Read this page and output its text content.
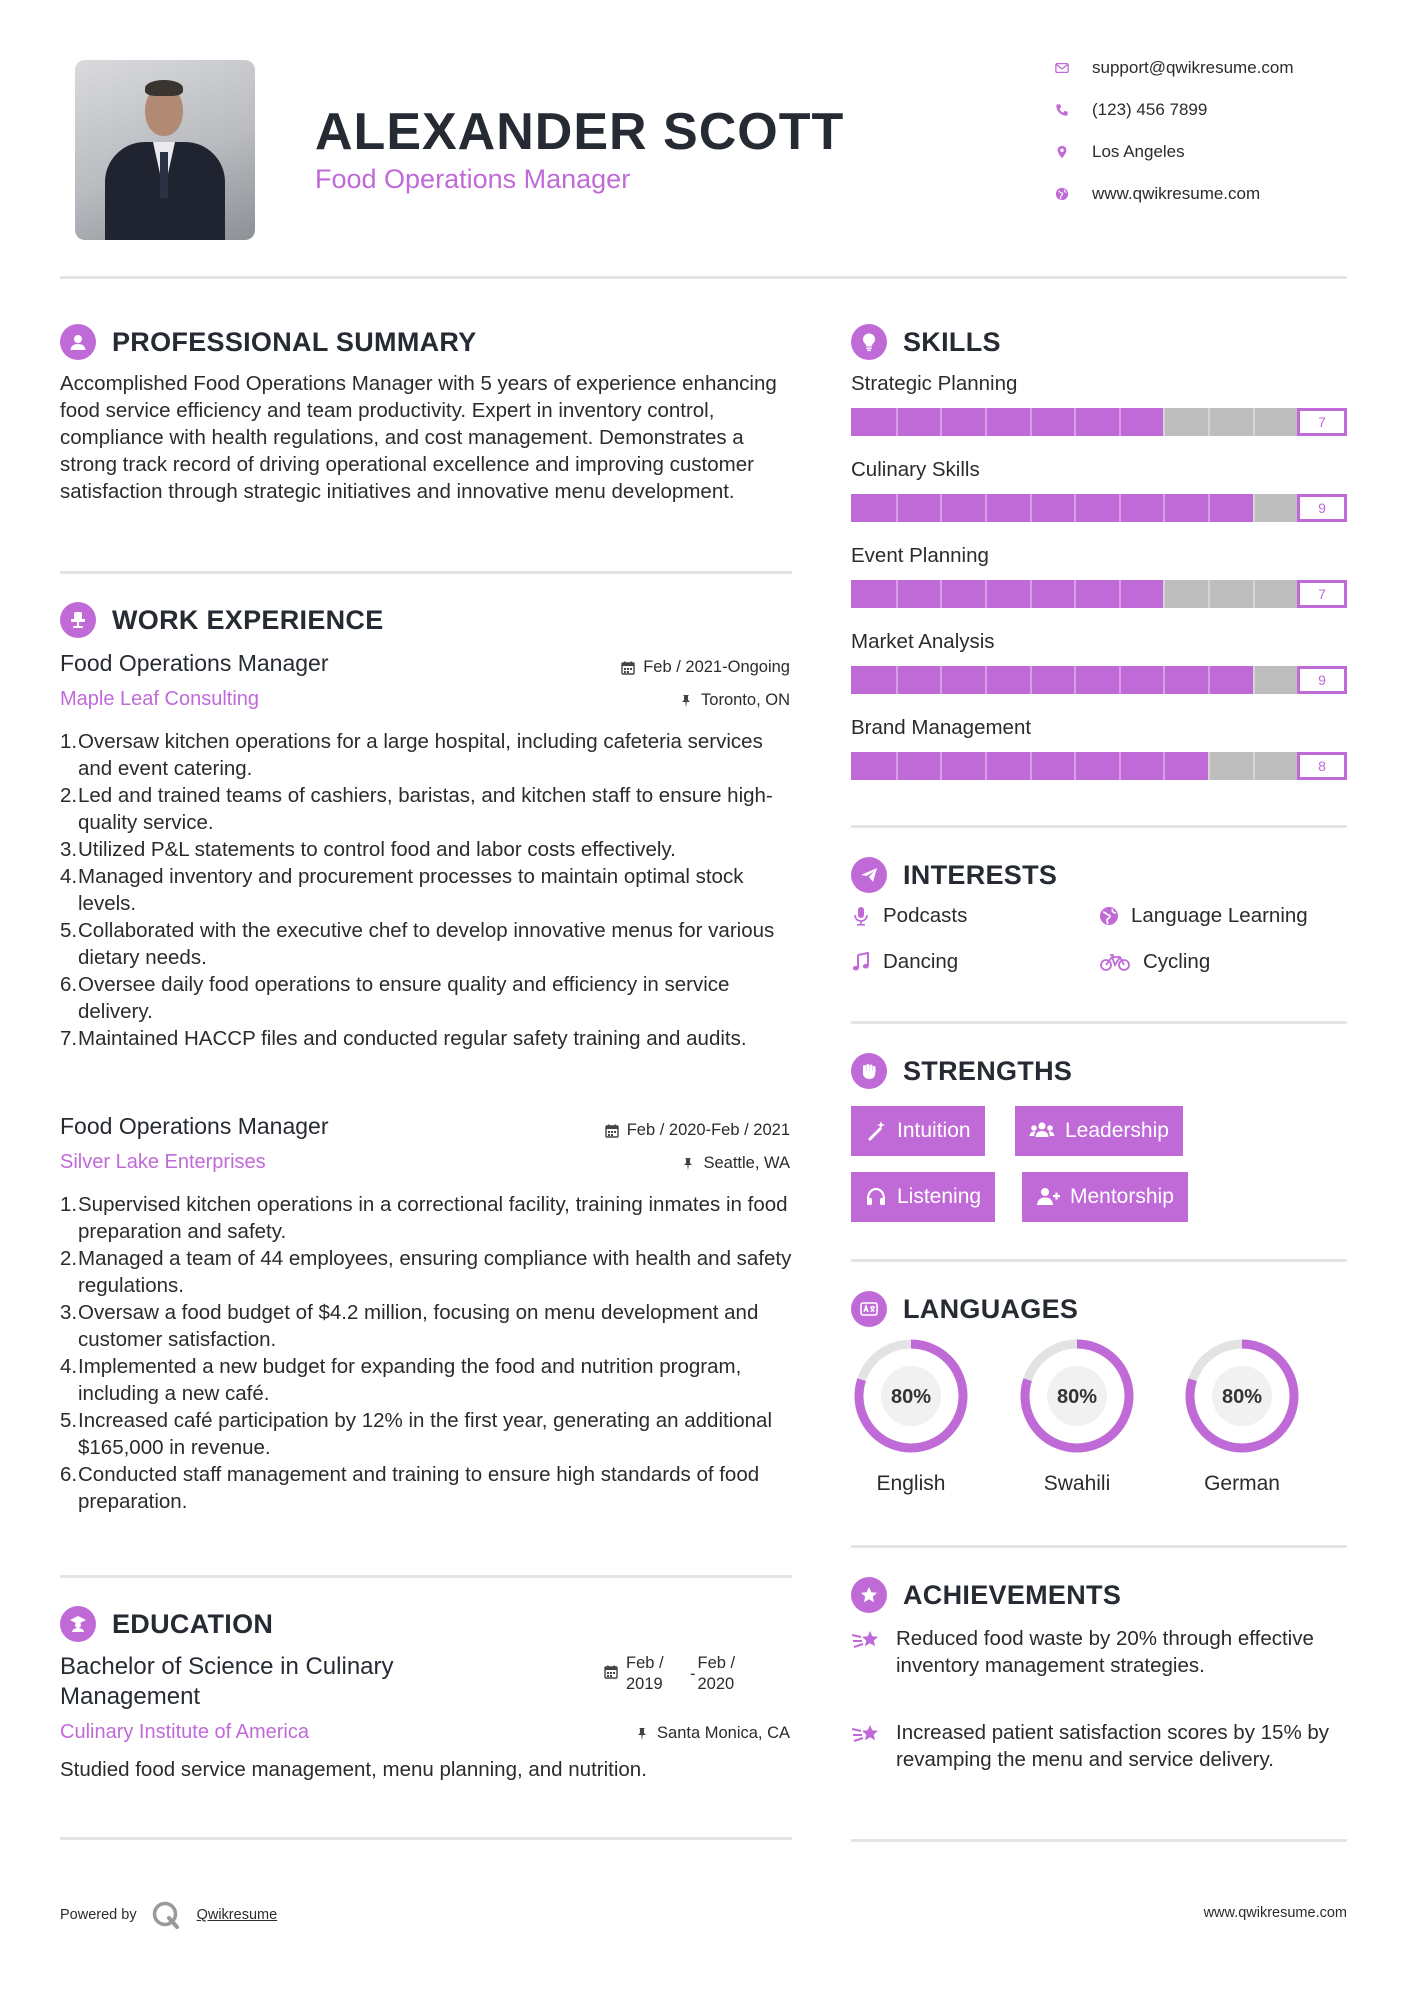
ALEXANDER SCOTT
Food Operations Manager
support@qwikresume.com
(123) 456 7899
Los Angeles
www.qwikresume.com
PROFESSIONAL SUMMARY
Accomplished Food Operations Manager with 5 years of experience enhancing food service efficiency and team productivity. Expert in inventory control, compliance with health regulations, and cost management. Demonstrates a strong track record of driving operational excellence and improving customer satisfaction through strategic initiatives and innovative menu development.
WORK EXPERIENCE
Food Operations Manager	Feb / 2021-Ongoing
Maple Leaf Consulting	Toronto, ON
1. Oversaw kitchen operations for a large hospital, including cafeteria services and event catering.
2. Led and trained teams of cashiers, baristas, and kitchen staff to ensure high-quality service.
3. Utilized P&L statements to control food and labor costs effectively.
4. Managed inventory and procurement processes to maintain optimal stock levels.
5. Collaborated with the executive chef to develop innovative menus for various dietary needs.
6. Oversee daily food operations to ensure quality and efficiency in service delivery.
7. Maintained HACCP files and conducted regular safety training and audits.
Food Operations Manager	Feb / 2020-Feb / 2021
Silver Lake Enterprises	Seattle, WA
1. Supervised kitchen operations in a correctional facility, training inmates in food preparation and safety.
2. Managed a team of 44 employees, ensuring compliance with health and safety regulations.
3. Oversaw a food budget of $4.2 million, focusing on menu development and customer satisfaction.
4. Implemented a new budget for expanding the food and nutrition program, including a new café.
5. Increased café participation by 12% in the first year, generating an additional $165,000 in revenue.
6. Conducted staff management and training to ensure high standards of food preparation.
EDUCATION
Bachelor of Science in Culinary Management
Feb /
2019
-
Feb /
2020
Culinary Institute of America	Santa Monica, CA
Studied food service management, menu planning, and nutrition.
SKILLS
Strategic Planning
7
Culinary Skills
9
Event Planning
7
Market Analysis
9
Brand Management
8
INTERESTS
Podcasts	Language Learning
Dancing	Cycling
STRENGTHS
Intuition	Leadership
Listening	Mentorship
LANGUAGES
80%
English
80%
Swahili
80%
German
ACHIEVEMENTS
Reduced food waste by 20% through effective inventory management strategies.
Increased patient satisfaction scores by 15% by revamping the menu and service delivery.
Powered by	Qwikresume	www.qwikresume.com
